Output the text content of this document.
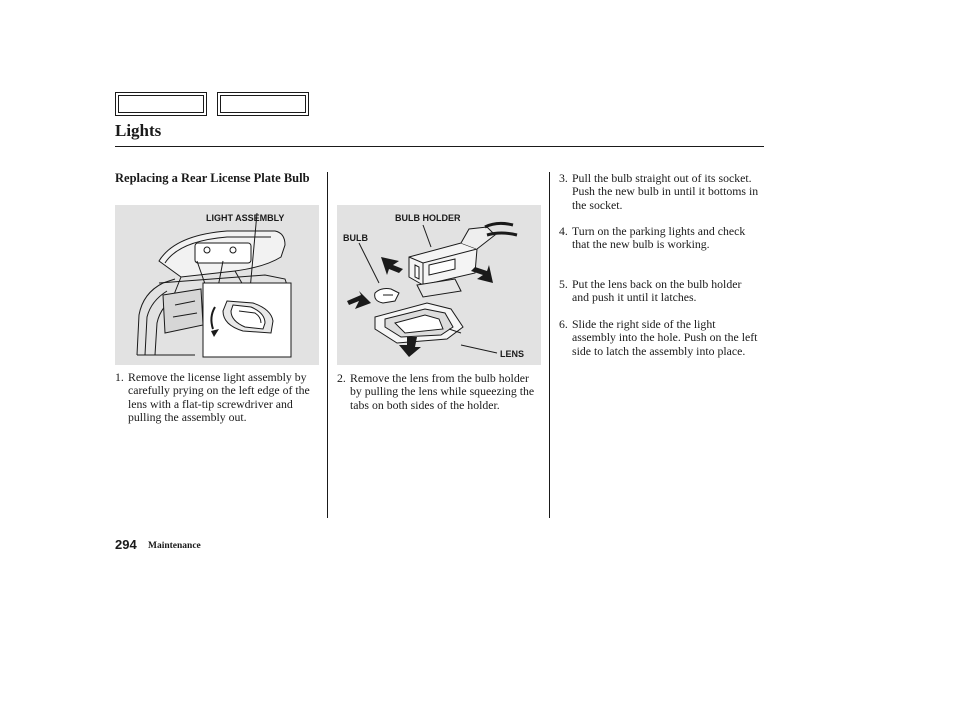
Lights
Replacing a Rear License Plate Bulb
LIGHT ASSEMBLY	BULB HOLDER
BULB
LENS
1. Remove the license light assembly by carefully prying on the left edge of the lens with a flat-tip screwdriver and pulling the assembly out.
2. Remove the lens from the bulb holder by pulling the lens while squeezing the tabs on both sides of the holder.
3. Pull the bulb straight out of its socket. Push the new bulb in until it bottoms in the socket.
4. Turn on the parking lights and check that the new bulb is working.
5. Put the lens back on the bulb holder and push it until it latches.
6. Slide the right side of the light assembly into the hole. Push on the left side to latch the assembly into place.
294 Maintenance
